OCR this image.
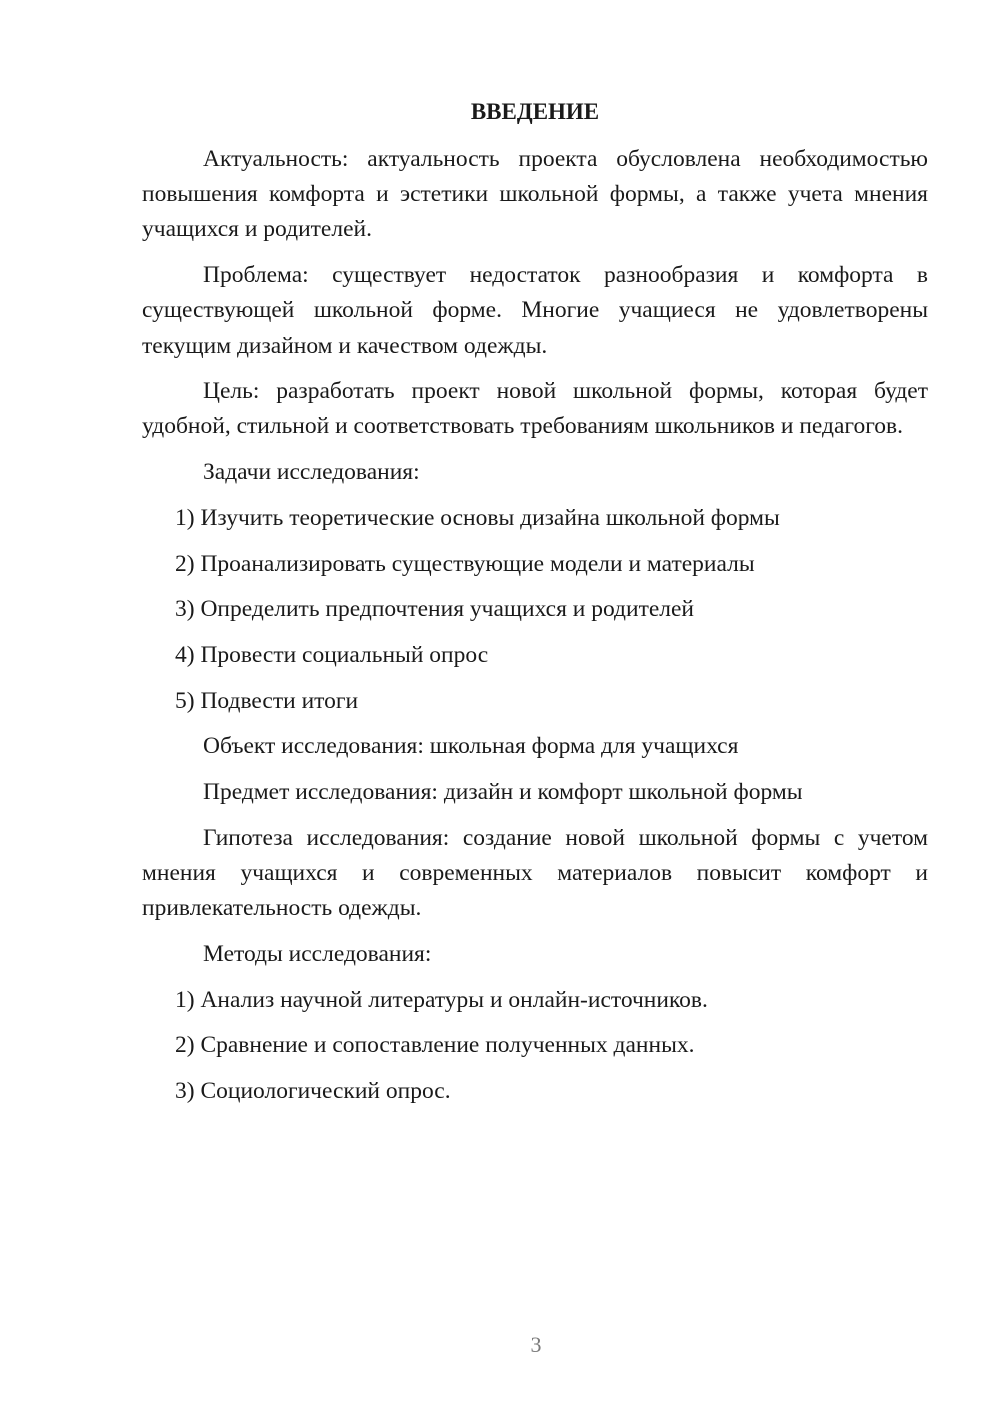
ВВЕДЕНИЕ
Актуальность: актуальность проекта обусловлена необходимостью повышения комфорта и эстетики школьной формы, а также учета мнения учащихся и родителей.
Проблема: существует недостаток разнообразия и комфорта в существующей школьной форме. Многие учащиеся не удовлетворены текущим дизайном и качеством одежды.
Цель: разработать проект новой школьной формы, которая будет удобной, стильной и соответствовать требованиям школьников и педагогов.
Задачи исследования:
1) Изучить теоретические основы дизайна школьной формы
2) Проанализировать существующие модели и материалы
3) Определить предпочтения учащихся и родителей
4) Провести социальный опрос
5) Подвести итоги
Объект исследования: школьная форма для учащихся
Предмет исследования: дизайн и комфорт школьной формы
Гипотеза исследования: создание новой школьной формы с учетом мнения учащихся и современных материалов повысит комфорт и привлекательность одежды.
Методы исследования:
1) Анализ научной литературы и онлайн-источников.
2) Сравнение и сопоставление полученных данных.
3) Социологический опрос.
3
